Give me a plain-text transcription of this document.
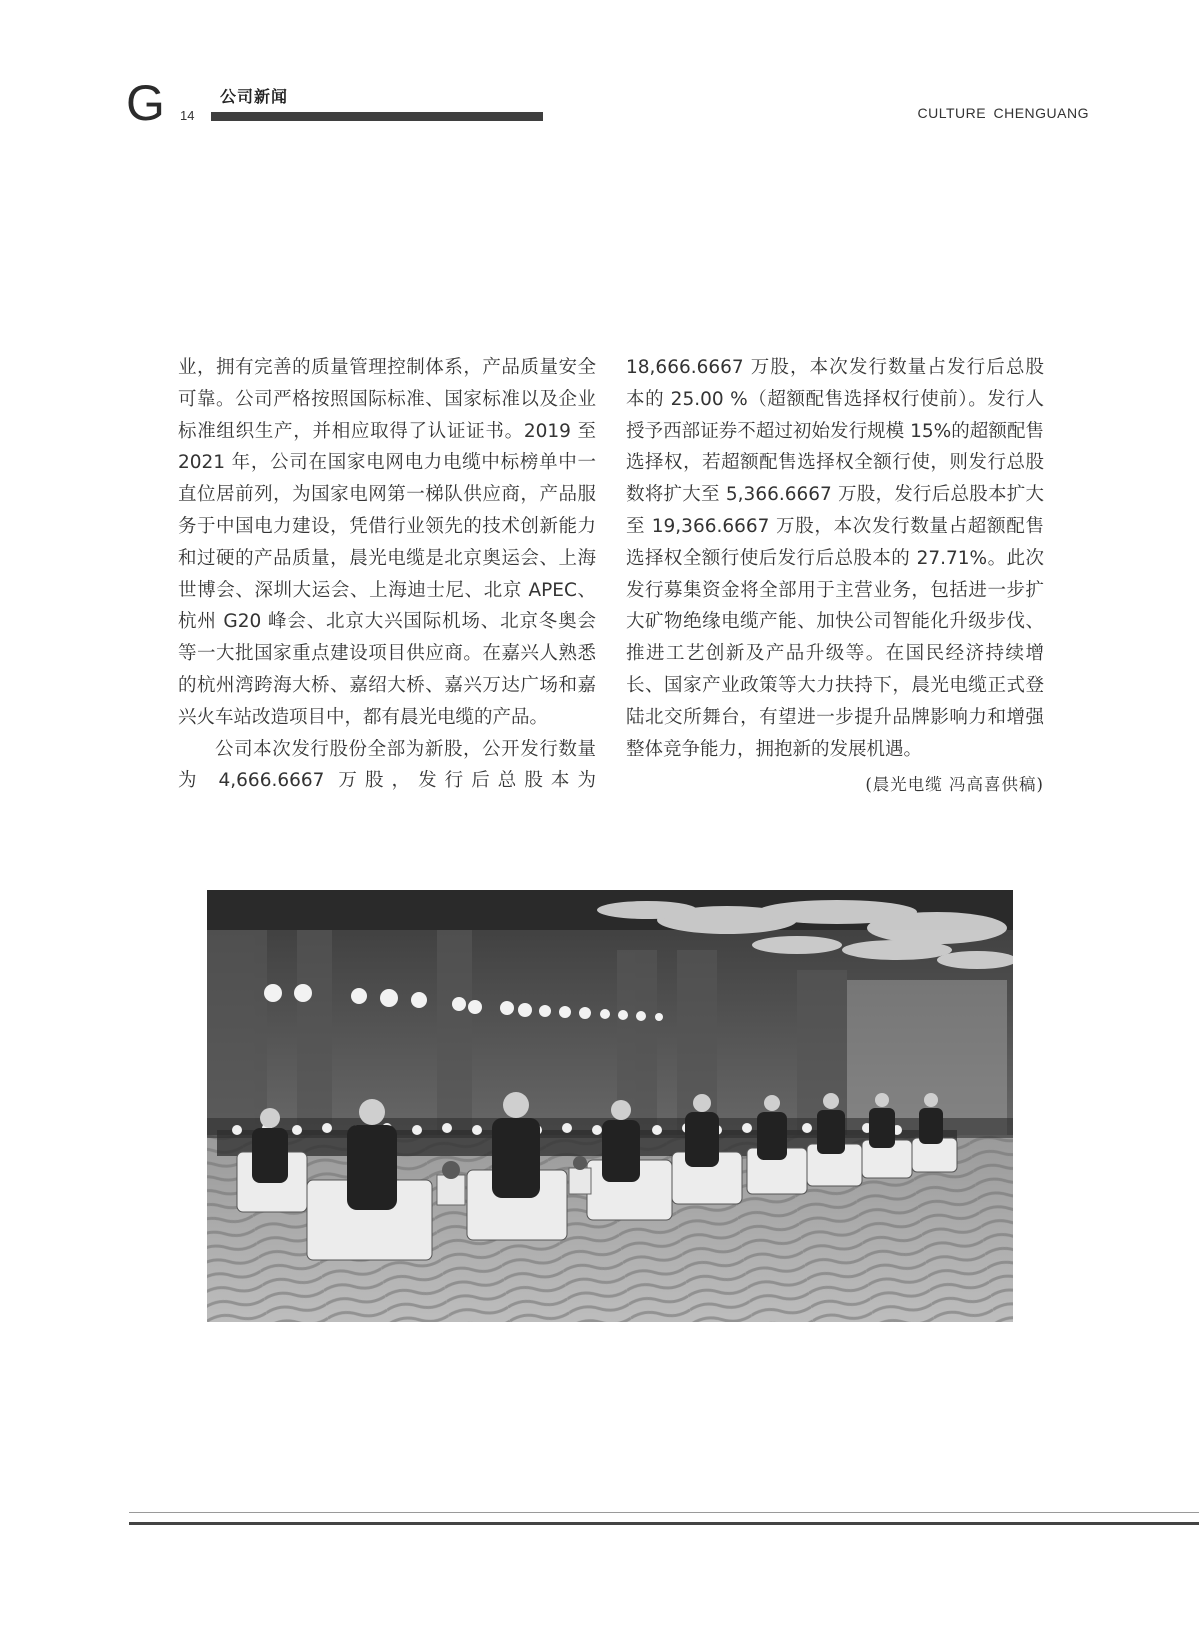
G 14
公司新闻
CULTURE CHENGUANG

业，拥有完善的质量管理控制体系，产品质量安全可靠。公司严格按照国际标准、国家标准以及企业标准组织生产，并相应取得了认证证书。2019 至 2021 年，公司在国家电网电力电缆中标榜单中一直位居前列，为国家电网第一梯队供应商，产品服务于中国电力建设，凭借行业领先的技术创新能力和过硬的产品质量，晨光电缆是北京奥运会、上海世博会、深圳大运会、上海迪士尼、北京 APEC、杭州 G20 峰会、北京大兴国际机场、北京冬奥会等一大批国家重点建设项目供应商。在嘉兴人熟悉的杭州湾跨海大桥、嘉绍大桥、嘉兴万达广场和嘉兴火车站改造项目中，都有晨光电缆的产品。

公司本次发行股份全部为新股，公开发行数量为 4,666.6667 万股，发行后总股本为

18,666.6667 万股，本次发行数量占发行后总股本的 25.00 %（超额配售选择权行使前）。发行人授予西部证券不超过初始发行规模 15%的超额配售选择权，若超额配售选择权全额行使，则发行总股数将扩大至 5,366.6667 万股，发行后总股本扩大至 19,366.6667 万股，本次发行数量占超额配售选择权全额行使后发行后总股本的 27.71%。此次发行募集资金将全部用于主营业务，包括进一步扩大矿物绝缘电缆产能、加快公司智能化升级步伐、推进工艺创新及产品升级等。在国民经济持续增长、国家产业政策等大力扶持下，晨光电缆正式登陆北交所舞台，有望进一步提升品牌影响力和增强整体竞争能力，拥抱新的发展机遇。

(晨光电缆 冯高喜供稿)
